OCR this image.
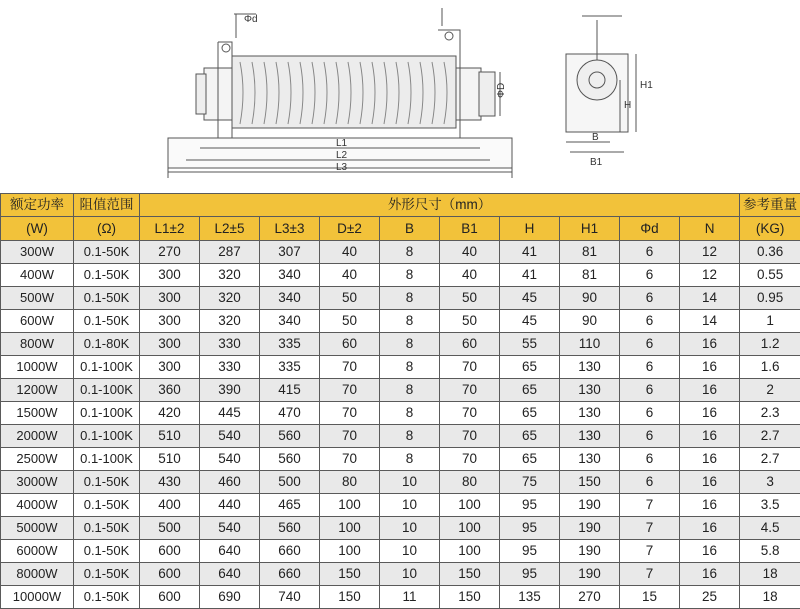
Φd
ΦD
L1
L2
L3
B
B1
H
H1
额定功率	阻值范围	外形尺寸（mm）										参考重量
(W)	(Ω)	L1±2	L2±5	L3±3	D±2	B	B1	H	H1	Φd	N	(KG)
300W	0.1-50K	270	287	307	40	8	40	41	81	6	12	0.36
400W	0.1-50K	300	320	340	40	8	40	41	81	6	12	0.55
500W	0.1-50K	300	320	340	50	8	50	45	90	6	14	0.95
600W	0.1-50K	300	320	340	50	8	50	45	90	6	14	1
800W	0.1-80K	300	330	335	60	8	60	55	110	6	16	1.2
1000W	0.1-100K	300	330	335	70	8	70	65	130	6	16	1.6
1200W	0.1-100K	360	390	415	70	8	70	65	130	6	16	2
1500W	0.1-100K	420	445	470	70	8	70	65	130	6	16	2.3
2000W	0.1-100K	510	540	560	70	8	70	65	130	6	16	2.7
2500W	0.1-100K	510	540	560	70	8	70	65	130	6	16	2.7
3000W	0.1-50K	430	460	500	80	10	80	75	150	6	16	3
4000W	0.1-50K	400	440	465	100	10	100	95	190	7	16	3.5
5000W	0.1-50K	500	540	560	100	10	100	95	190	7	16	4.5
6000W	0.1-50K	600	640	660	100	10	100	95	190	7	16	5.8
8000W	0.1-50K	600	640	660	150	10	150	95	190	7	16	18
10000W	0.1-50K	600	690	740	150	11	150	135	270	15	25	18
